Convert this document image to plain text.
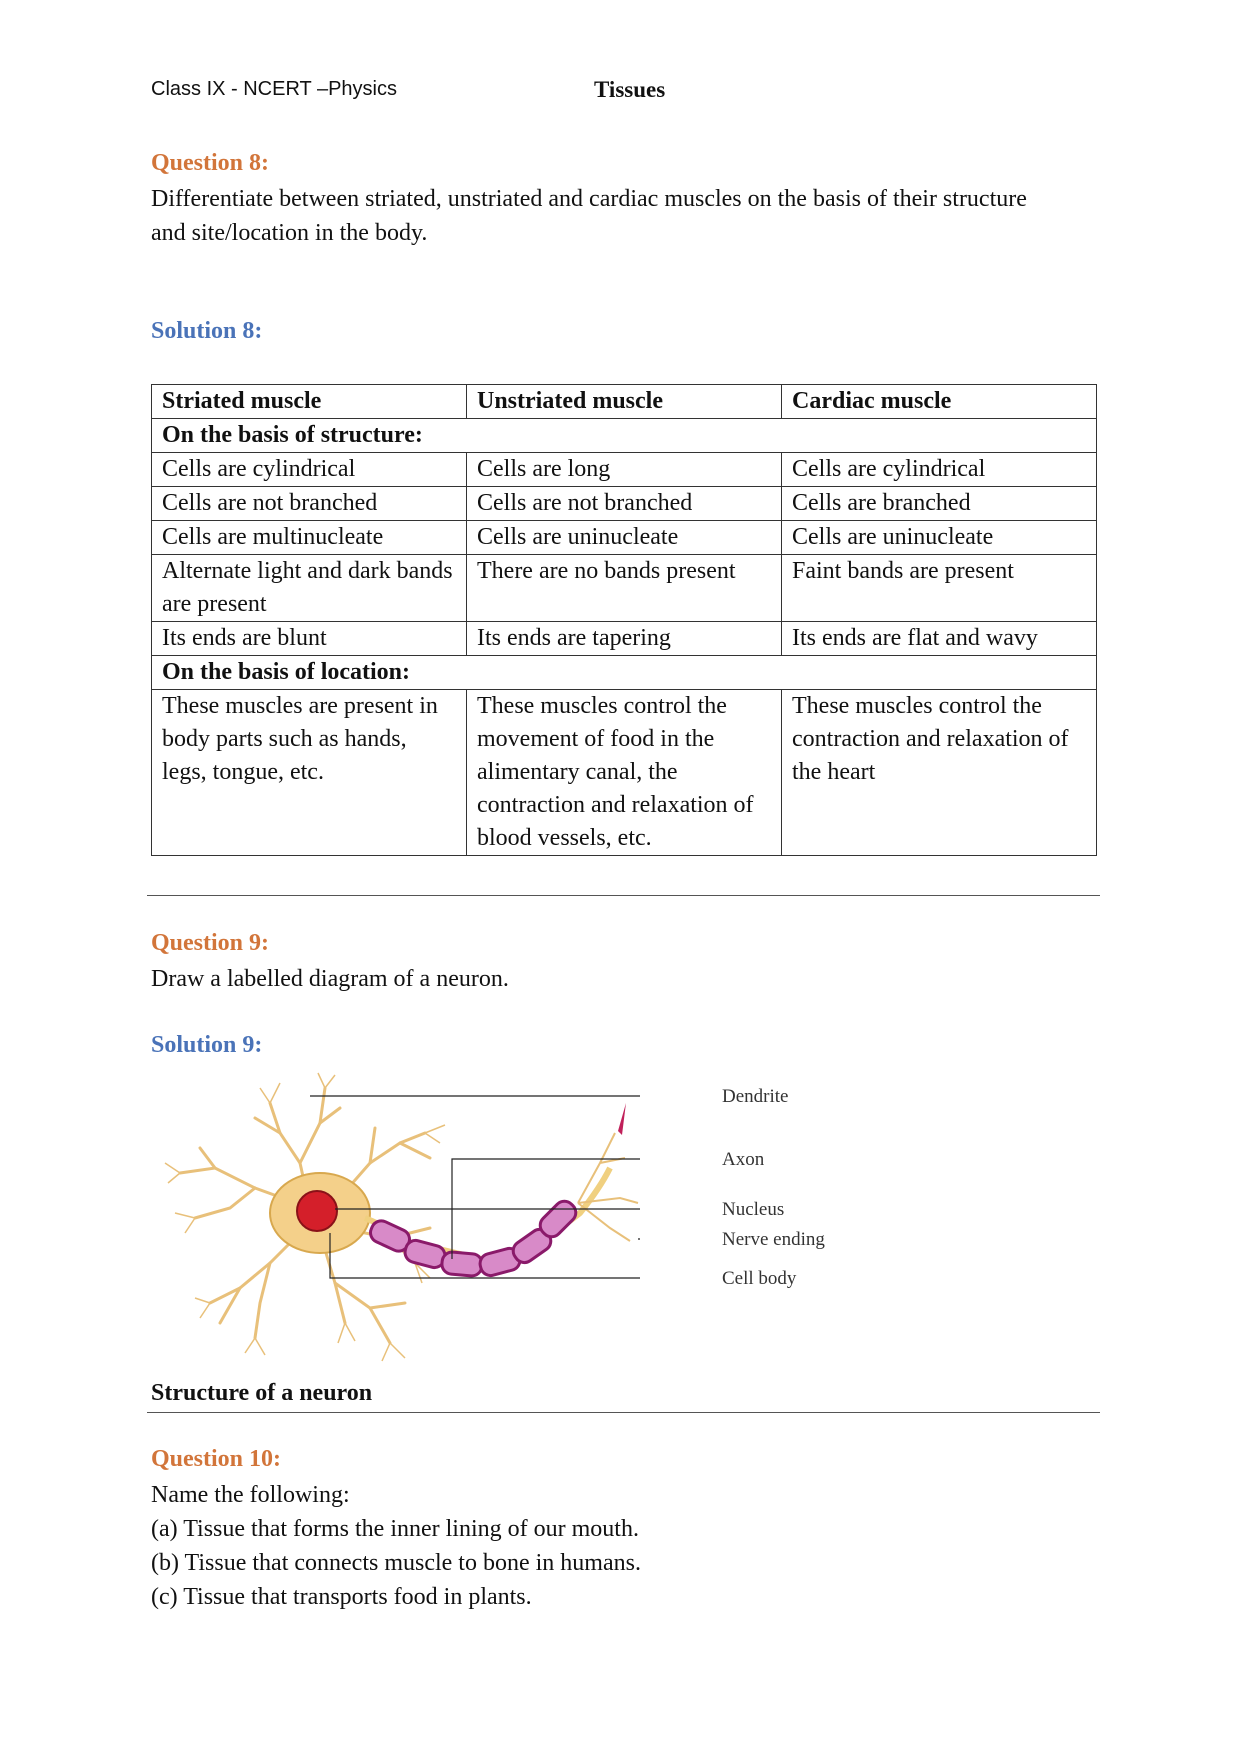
Class IX - NCERT –Physics	Tissues
Question 8:

Differentiate between striated, unstriated and cardiac muscles on the basis of their structure
and site/location in the body.

Solution 8:
Striated muscle	Unstriated muscle	Cardiac muscle
On the basis of structure:		
Cells are cylindrical	Cells are long	Cells are cylindrical
Cells are not branched	Cells are not branched	Cells are branched
Cells are multinucleate	Cells are uninucleate	Cells are uninucleate
Alternate light and dark bands are present	There are no bands present	Faint bands are present
Its ends are blunt	Its ends are tapering	Its ends are flat and wavy
On the basis of location:		
These muscles are present in body parts such as hands, legs, tongue, etc.	These muscles control the movement of food in the alimentary canal, the contraction and relaxation of blood vessels, etc.	These muscles control the contraction and relaxation of the heart
Question 9:

Draw a labelled diagram of a neuron.

Solution 9:
Dendrite
Axon
Nucleus
Nerve ending
Cell body
Structure of a neuron
Question 10:
Name the following:
(a) Tissue that forms the inner lining of our mouth.
(b) Tissue that connects muscle to bone in humans.
(c) Tissue that transports food in plants.
